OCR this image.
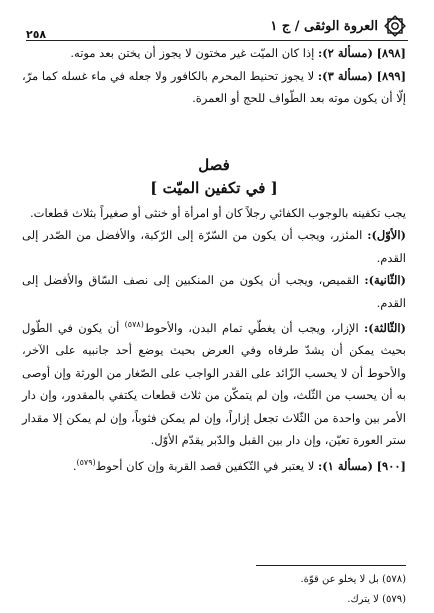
٢٥٨
العروة الوثقى / ج ١

[٨٩٨] (مسألة ٢): إذا كان الميّت غير مختون لا يجوز أن يختن بعد موته.

[٨٩٩] (مسألة ٣): لا يجوز تحنيط المحرم بالكافور ولا جعله في ماء غسله كما مرّ، إلّا أن يكون موته بعد الطّواف للحج أو العمرة.

فصل
[ في تكفين الميّت ]

يجب تكفينه بالوجوب الكفائي رجلاً كان أو امرأة أو خنثى أو صغيراً بثلاث قطعات.

(الأوّل): المئزر، ويجب أن يكون من السّرّة إلى الرّكبة، والأفضل من الصّدر إلى القدم.

(الثّانية): القميص، ويجب أن يكون من المنكبين إلى نصف السّاق والأفضل إلى القدم.

(الثّالثة): الإزار، ويجب أن يغطّي تمام البدن، والأحوط$^{(٥٧٨)}$ أن يكون في الطّول بحيث يمكن أن يشدّ طرفاه وفي العرض بحيث يوضع أحد جانبيه على الآخر، والأحوط أن لا يحسب الزّائد على القدر الواجب على الصّغار من الورثة وإن أوصى به أن يحسب من الثّلث، وإن لم يتمكّن من ثلاث قطعات يكتفي بالمقدور، وإن دار الأمر بين واحدة من الثّلاث تجعل إزاراً، وإن لم يمكن فثوباً، وإن لم يمكن إلا مقدار ستر العورة تعيّن، وإن دار بين القبل والدّبر يقدّم الأوّل.

[٩٠٠] (مسألة ١): لا يعتبر في التّكفين قصد القربة وإن كان أحوط$^{(٥٧٩)}$.

(٥٧٨) بل لا يخلو عن قوّة.
(٥٧٩) لا يترك.
